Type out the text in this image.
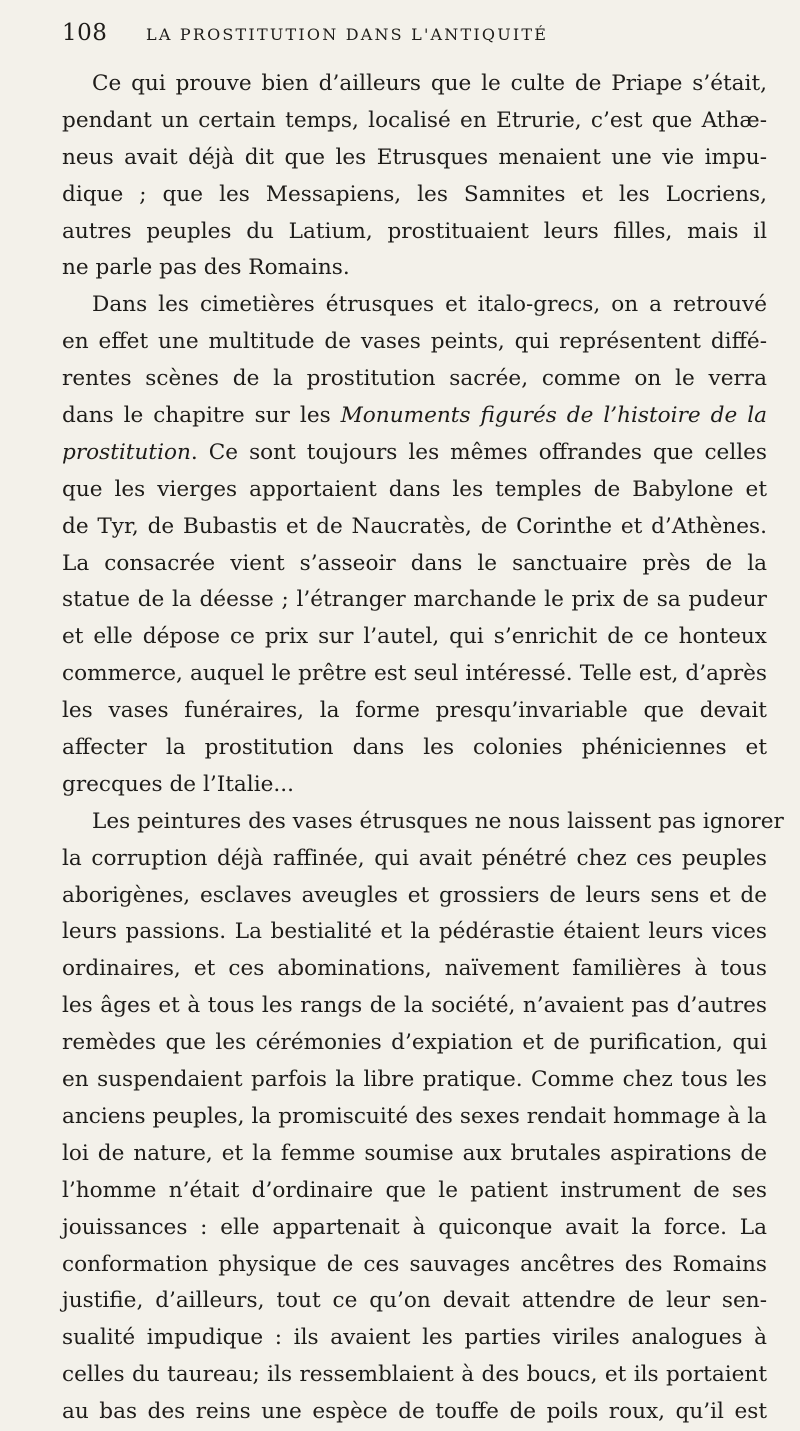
108 LA PROSTITUTION DANS L'ANTIQUITÉ
Ce qui prouve bien d’ailleurs que le culte de Priape s’était,
pendant un certain temps, localisé en Etrurie, c’est que Athæ-
neus avait déjà dit que les Etrusques menaient une vie impu-
dique ; que les Messapiens, les Samnites et les Locriens,
autres peuples du Latium, prostituaient leurs filles, mais il
ne parle pas des Romains.
Dans les cimetières étrusques et italo-grecs, on a retrouvé
en effet une multitude de vases peints, qui représentent diffé-
rentes scènes de la prostitution sacrée, comme on le verra
dans le chapitre sur les Monuments figurés de l’histoire de la
prostitution. Ce sont toujours les mêmes offrandes que celles
que les vierges apportaient dans les temples de Babylone et
de Tyr, de Bubastis et de Naucratès, de Corinthe et d’Athènes.
La consacrée vient s’asseoir dans le sanctuaire près de la
statue de la déesse ; l’étranger marchande le prix de sa pudeur
et elle dépose ce prix sur l’autel, qui s’enrichit de ce honteux
commerce, auquel le prêtre est seul intéressé. Telle est, d’après
les vases funéraires, la forme presqu’invariable que devait
affecter la prostitution dans les colonies phéniciennes et
grecques de l’Italie...
Les peintures des vases étrusques ne nous laissent pas ignorer
la corruption déjà raffinée, qui avait pénétré chez ces peuples
aborigènes, esclaves aveugles et grossiers de leurs sens et de
leurs passions. La bestialité et la pédérastie étaient leurs vices
ordinaires, et ces abominations, naïvement familières à tous
les âges et à tous les rangs de la société, n’avaient pas d’autres
remèdes que les cérémonies d’expiation et de purification, qui
en suspendaient parfois la libre pratique. Comme chez tous les
anciens peuples, la promiscuité des sexes rendait hommage à la
loi de nature, et la femme soumise aux brutales aspirations de
l’homme n’était d’ordinaire que le patient instrument de ses
jouissances : elle appartenait à quiconque avait la force. La
conformation physique de ces sauvages ancêtres des Romains
justifie, d’ailleurs, tout ce qu’on devait attendre de leur sen-
sualité impudique : ils avaient les parties viriles analogues à
celles du taureau; ils ressemblaient à des boucs, et ils portaient
au bas des reins une espèce de touffe de poils roux, qu’il est
